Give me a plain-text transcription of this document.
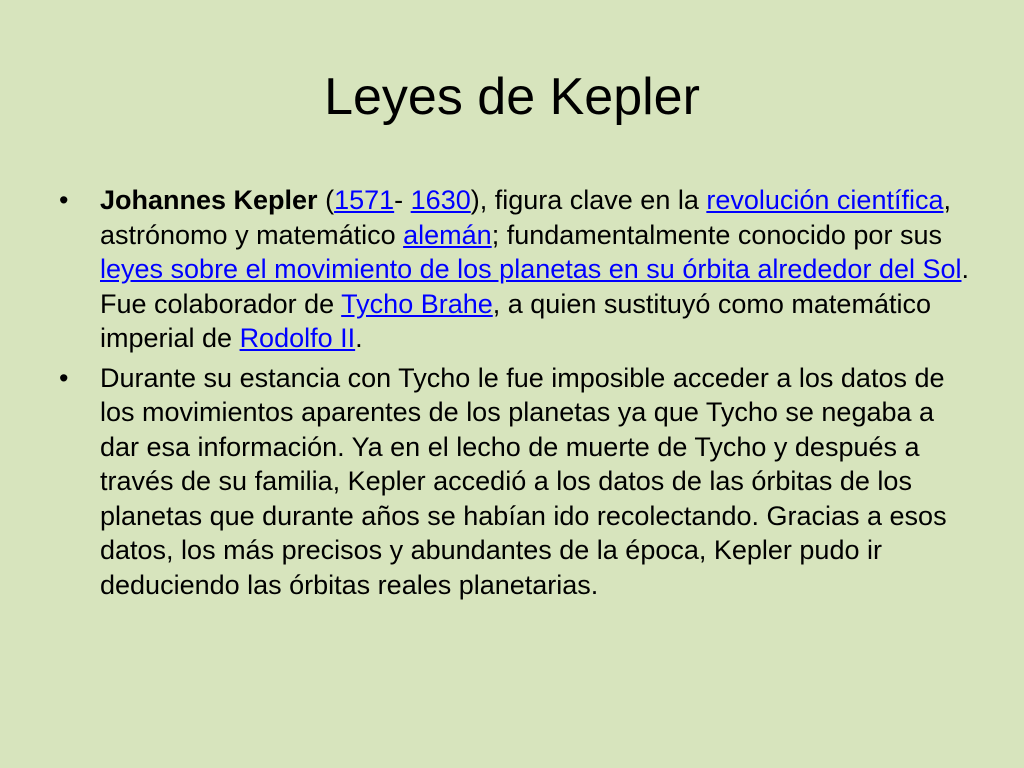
Leyes de Kepler
• Johannes Kepler (1571- 1630), figura clave en la revolución científica, astrónomo y matemático alemán; fundamentalmente conocido por sus leyes sobre el movimiento de los planetas en su órbita alrededor del Sol. Fue colaborador de Tycho Brahe, a quien sustituyó como matemático imperial de Rodolfo II.
• Durante su estancia con Tycho le fue imposible acceder a los datos de los movimientos aparentes de los planetas ya que Tycho se negaba a dar esa información. Ya en el lecho de muerte de Tycho y después a través de su familia, Kepler accedió a los datos de las órbitas de los planetas que durante años se habían ido recolectando. Gracias a esos datos, los más precisos y abundantes de la época, Kepler pudo ir deduciendo las órbitas reales planetarias.
